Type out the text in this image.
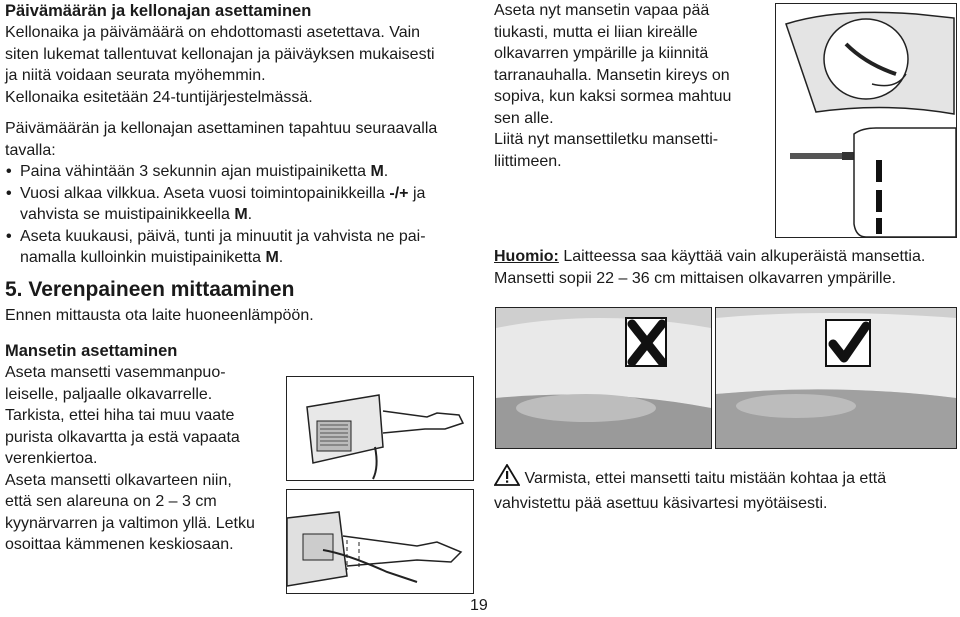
Päivämäärän ja kellonajan asettaminen

Kellonaika ja päivämäärä on ehdottomasti asetettava. Vain
siten lukemat tallentuvat kellonajan ja päiväyksen mukaisesti
ja niitä voidaan seurata myöhemmin.
Kellonaika esitetään 24-tuntijärjestelmässä.

Päivämäärän ja kellonajan asettaminen tapahtuu seuraavalla
tavalla:

• Paina vähintään 3 sekunnin ajan muistipainiketta M.
• Vuosi alkaa vilkkua. Aseta vuosi toimintopainikkeilla -/+ ja
vahvista se muistipainikkeella M.
• Aseta kuukausi, päivä, tunti ja minuutit ja vahvista ne pai-
namalla kulloinkin muistipainiketta M.
5. Verenpaineen mittaaminen

Ennen mittausta ota laite huoneenlämpöön.

Mansetin asettaminen

Aseta mansetti vasemmanpuo-
leiselle, paljaalle olkavarrelle.
Tarkista, ettei hiha tai muu vaate
purista olkavartta ja estä vapaata
verenkiertoa.
Aseta mansetti olkavarteen niin,
että sen alareuna on 2 – 3 cm
kyynärvarren ja valtimon yllä. Letku
osoittaa kämmenen keskiosaan.

Aseta nyt mansetin vapaa pää
tiukasti, mutta ei liian kireälle
olkavarren ympärille ja kiinnitä
tarranauhalla. Mansetin kireys on
sopiva, kun kaksi sormea mahtuu
sen alle.
Liitä nyt mansettiletku mansetti-
liittimeen.

Huomio: Laitteessa saa käyttää vain alkuperäistä mansettia.
Mansetti sopii 22 – 36 cm mittaisen olkavarren ympärille.

Varmista, ettei mansetti taitu mistään kohtaa ja että
vahvistettu pää asettuu käsivartesi myötäisesti.
19
